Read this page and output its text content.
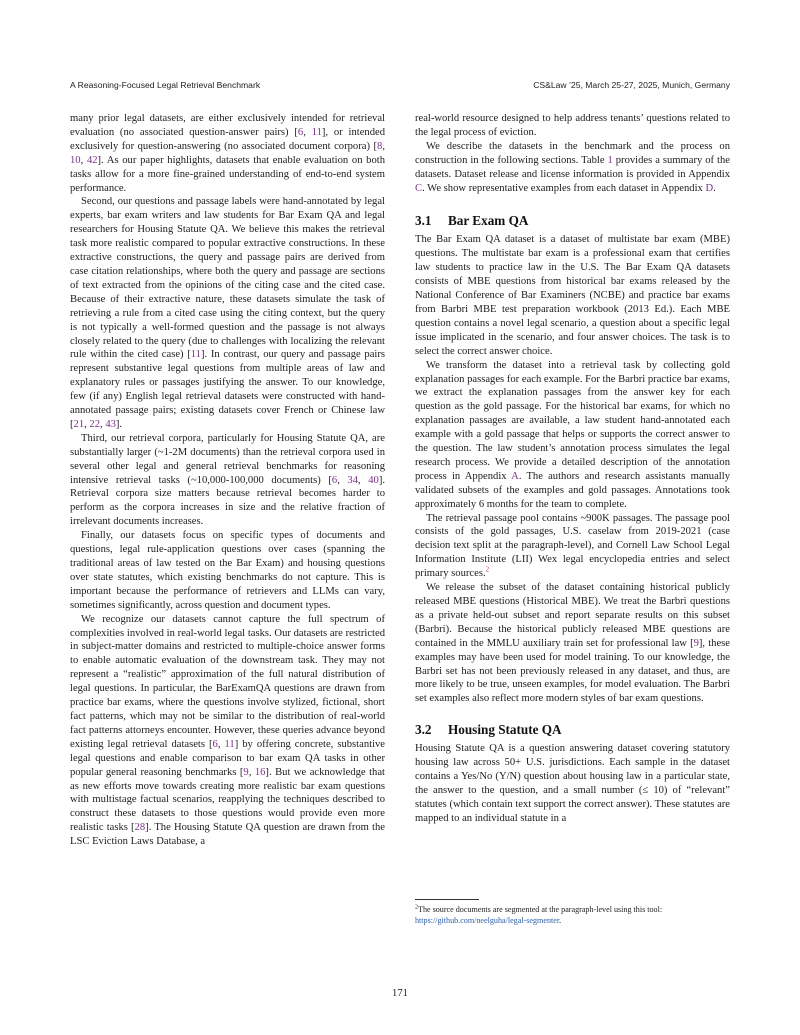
A Reasoning-Focused Legal Retrieval Benchmark	CS&Law ’25, March 25-27, 2025, Munich, Germany

many prior legal datasets, are either exclusively intended for retrieval evaluation (no associated question-answer pairs) [6, 11], or intended exclusively for question-answering (no associated document corpora) [8, 10, 42]. As our paper highlights, datasets that enable evaluation on both tasks allow for a more fine-grained understanding of end-to-end system performance.

Second, our questions and passage labels were hand-annotated by legal experts, bar exam writers and law students for Bar Exam QA and legal researchers for Housing Statute QA. We believe this makes the retrieval task more realistic compared to popular extractive constructions. In these extractive constructions, the query and passage pairs are derived from case citation relationships, where both the query and passage are sections of text extracted from the opinions of the citing case and the cited case. Because of their extractive nature, these datasets simulate the task of retrieving a rule from a cited case using the citing context, but the query is not typically a well-formed question and the passage is not always closely related to the query (due to challenges with localizing the relevant rule within the cited case) [11]. In contrast, our query and passage pairs represent substantive legal questions from multiple areas of law and explanatory rules or passages justifying the answer. To our knowledge, few (if any) English legal retrieval datasets were constructed with hand-annotated passage pairs; existing datasets cover French or Chinese law [21, 22, 43].

Third, our retrieval corpora, particularly for Housing Statute QA, are substantially larger (~1-2M documents) than the retrieval corpora used in several other legal and general retrieval benchmarks for reasoning intensive retrieval tasks (~10,000-100,000 documents) [6, 34, 40]. Retrieval corpora size matters because retrieval becomes harder to perform as the corpora increases in size and the relative fraction of irrelevant documents increases.

Finally, our datasets focus on specific types of documents and questions, legal rule-application questions over cases (spanning the traditional areas of law tested on the Bar Exam) and housing questions over state statutes, which existing benchmarks do not capture. This is important because the performance of retrievers and LLMs can vary, sometimes significantly, across question and document types.

We recognize our datasets cannot capture the full spectrum of complexities involved in real-world legal tasks. Our datasets are restricted in subject-matter domains and restricted to multiple-choice answer forms to enable automatic evaluation of the downstream task. They may not represent a “realistic” approximation of the full natural distribution of legal questions. In particular, the BarExamQA questions are drawn from practice bar exams, where the questions involve stylized, fictional, short fact patterns, which may not be similar to the distribution of real-world fact patterns attorneys encounter. However, these queries advance beyond existing legal retrieval datasets [6, 11] by offering concrete, substantive legal questions and enable comparison to bar exam QA tasks in other popular general reasoning benchmarks [9, 16]. But we acknowledge that as new efforts move towards creating more realistic bar exam questions with multistage factual scenarios, reapplying the techniques described to construct these datasets to those questions would provide even more realistic tasks [28]. The Housing Statute QA question are drawn from the LSC Eviction Laws Database, a

real-world resource designed to help address tenants’ questions related to the legal process of eviction.

We describe the datasets in the benchmark and the process on construction in the following sections. Table 1 provides a summary of the datasets. Dataset release and license information is provided in Appendix C. We show representative examples from each dataset in Appendix D.

3.1 Bar Exam QA

The Bar Exam QA dataset is a dataset of multistate bar exam (MBE) questions. The multistate bar exam is a professional exam that certifies law students to practice law in the U.S. The Bar Exam QA datasets consists of MBE questions from historical bar exams released by the National Conference of Bar Examiners (NCBE) and practice bar exams from Barbri MBE test preparation workbook (2013 Ed.). Each MBE question contains a novel legal scenario, a question about a specific legal issue implicated in the scenario, and four answer choices. The task is to select the correct answer choice.

We transform the dataset into a retrieval task by collecting gold explanation passages for each example. For the Barbri practice bar exams, we extract the explanation passages from the answer key for each question as the gold passage. For the historical bar exams, for which no explanation passages are available, a law student hand-annotated each example with a gold passage that helps or supports the correct answer to the question. The law student’s annotation process simulates the legal research process. We provide a detailed description of the annotation process in Appendix A. The authors and research assistants manually validated subsets of the examples and gold passages. Annotations took approximately 6 months for the team to complete.

The retrieval passage pool contains ~900K passages. The passage pool consists of the gold passages, U.S. caselaw from 2019-2021 (case decision text split at the paragraph-level), and Cornell Law School Legal Information Institute (LII) Wex legal encyclopedia entries and select primary sources.$^2$

We release the subset of the dataset containing historical publicly released MBE questions (Historical MBE). We treat the Barbri questions as a private held-out subset and report separate results on this subset (Barbri). Because the historical publicly released MBE questions are contained in the MMLU auxiliary train set for professional law [9], these examples may have been used for model training. To our knowledge, the Barbri set has not been previously released in any dataset, and thus, are more likely to be true, unseen examples, for model evaluation. The Barbri set examples also reflect more modern styles of bar exam questions.

3.2 Housing Statute QA

Housing Statute QA is a question answering dataset covering statutory housing law across 50+ U.S. jurisdictions. Each sample in the dataset contains a Yes/No (Y/N) question about housing law in a particular state, the answer to the question, and a small number (≤ 10) of “relevant” statutes (which contain text support the correct answer). These statutes are mapped to an individual statute in a

$^2$The source documents are segmented at the paragraph-level using this tool: https://github.com/neelguha/legal-segmenter.
171
